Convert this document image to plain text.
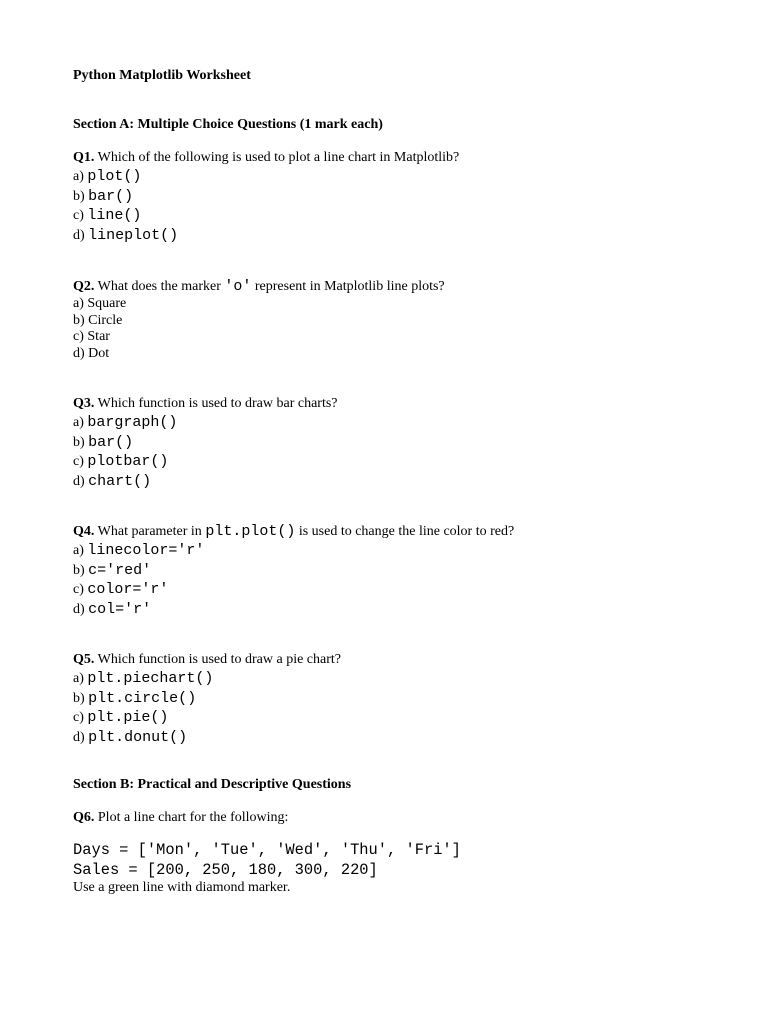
Python Matplotlib Worksheet
Section A: Multiple Choice Questions (1 mark each)
Q1. Which of the following is used to plot a line chart in Matplotlib?
a) plot()
b) bar()
c) line()
d) lineplot()
Q2. What does the marker 'o' represent in Matplotlib line plots?
a) Square
b) Circle
c) Star
d) Dot
Q3. Which function is used to draw bar charts?
a) bargraph()
b) bar()
c) plotbar()
d) chart()
Q4. What parameter in plt.plot() is used to change the line color to red?
a) linecolor='r'
b) c='red'
c) color='r'
d) col='r'
Q5. Which function is used to draw a pie chart?
a) plt.piechart()
b) plt.circle()
c) plt.pie()
d) plt.donut()
Section B: Practical and Descriptive Questions
Q6. Plot a line chart for the following:
Days = ['Mon', 'Tue', 'Wed', 'Thu', 'Fri']
Sales = [200, 250, 180, 300, 220]
Use a green line with diamond marker.
